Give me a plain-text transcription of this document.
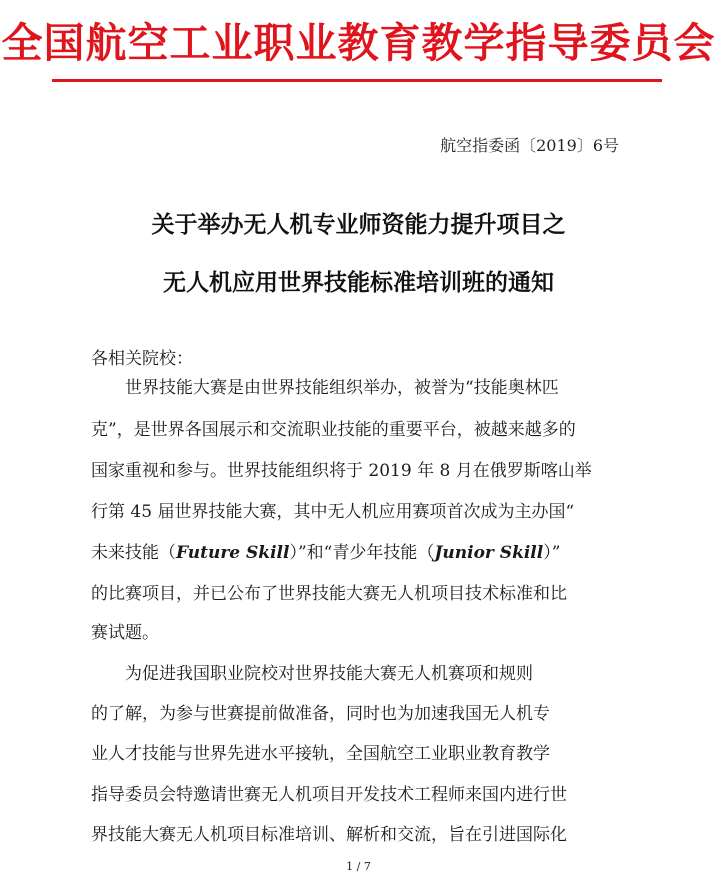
全国航空工业职业教育教学指导委员会
航空指委函〔2019〕6号
关于举办无人机专业师资能力提升项目之
无人机应用世界技能标准培训班的通知
各相关院校：
世界技能大赛是由世界技能组织举办，被誉为“技能奥林匹
克”，是世界各国展示和交流职业技能的重要平台，被越来越多的
国家重视和参与。世界技能组织将于 2019 年 8 月在俄罗斯喀山举
行第 45 届世界技能大赛，其中无人机应用赛项首次成为主办国“
未来技能（Future Skill）”和“青少年技能（Junior Skill）”
的比赛项目，并已公布了世界技能大赛无人机项目技术标准和比
赛试题。
为促进我国职业院校对世界技能大赛无人机赛项和规则
的了解，为参与世赛提前做准备，同时也为加速我国无人机专
业人才技能与世界先进水平接轨，全国航空工业职业教育教学
指导委员会特邀请世赛无人机项目开发技术工程师来国内进行世
界技能大赛无人机项目标准培训、解析和交流，旨在引进国际化
1 / 7
